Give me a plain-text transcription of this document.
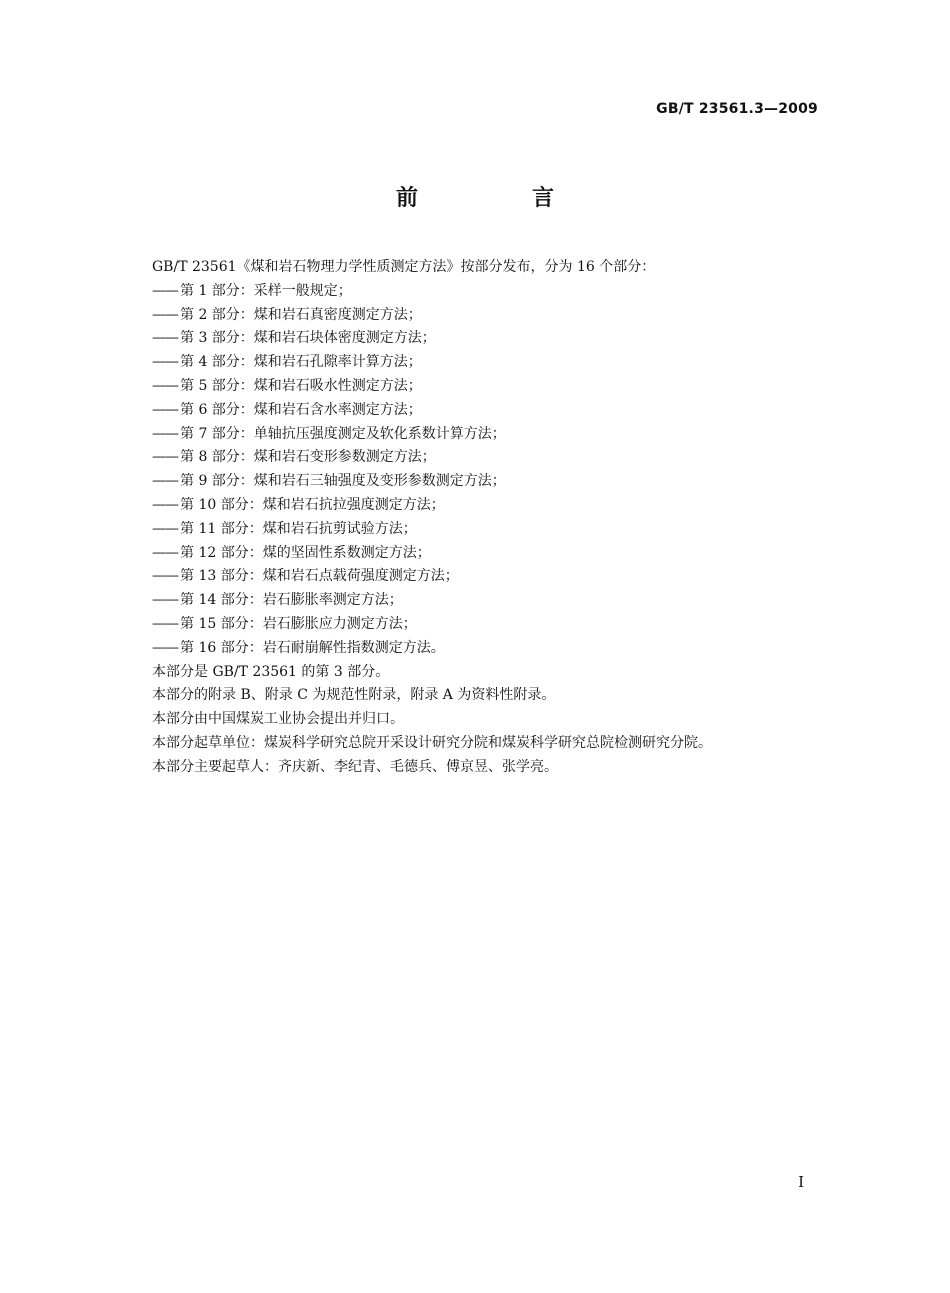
GB/T 23561.3—2009
前　言
GB/T 23561《煤和岩石物理力学性质测定方法》按部分发布，分为 16 个部分：
—— 第 1 部分：采样一般规定；
—— 第 2 部分：煤和岩石真密度测定方法；
—— 第 3 部分：煤和岩石块体密度测定方法；
—— 第 4 部分：煤和岩石孔隙率计算方法；
—— 第 5 部分：煤和岩石吸水性测定方法；
—— 第 6 部分：煤和岩石含水率测定方法；
—— 第 7 部分：单轴抗压强度测定及软化系数计算方法；
—— 第 8 部分：煤和岩石变形参数测定方法；
—— 第 9 部分：煤和岩石三轴强度及变形参数测定方法；
—— 第 10 部分：煤和岩石抗拉强度测定方法；
—— 第 11 部分：煤和岩石抗剪试验方法；
—— 第 12 部分：煤的坚固性系数测定方法；
—— 第 13 部分：煤和岩石点载荷强度测定方法；
—— 第 14 部分：岩石膨胀率测定方法；
—— 第 15 部分：岩石膨胀应力测定方法；
—— 第 16 部分：岩石耐崩解性指数测定方法。
本部分是 GB/T 23561 的第 3 部分。
本部分的附录 B、附录 C 为规范性附录，附录 A 为资料性附录。
本部分由中国煤炭工业协会提出并归口。
本部分起草单位：煤炭科学研究总院开采设计研究分院和煤炭科学研究总院检测研究分院。
本部分主要起草人：齐庆新、李纪青、毛德兵、傅京昱、张学亮。
I
